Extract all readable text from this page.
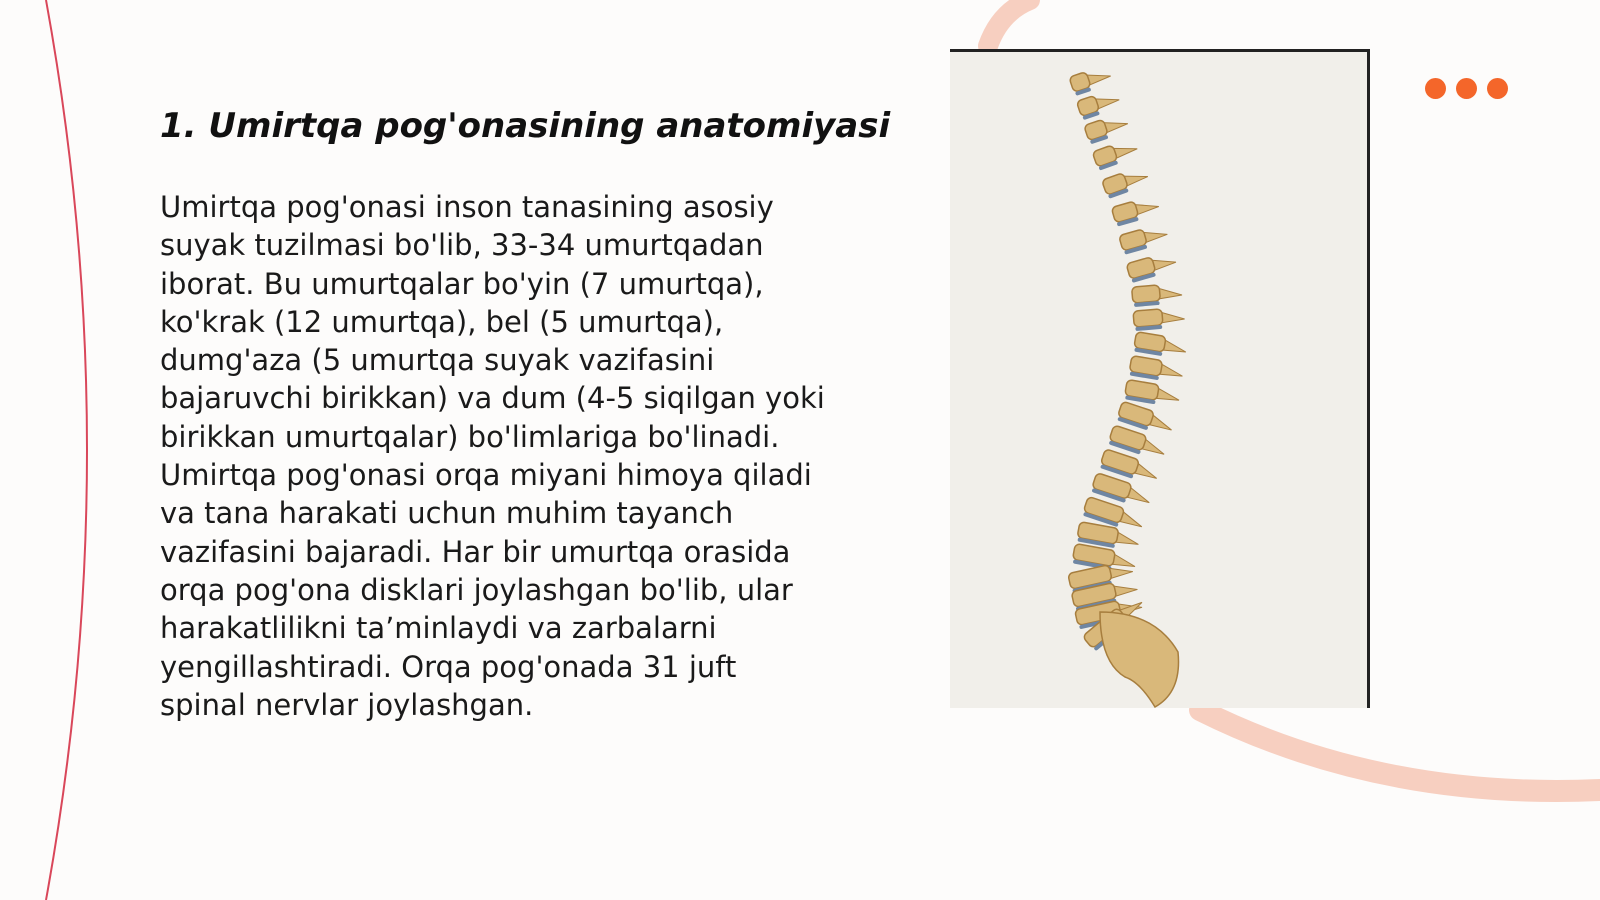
1. Umirtqa pog'onasining anatomiyasi

Umirtqa pog'onasi inson tanasining asosiy
suyak tuzilmasi bo'lib, 33-34 umurtqadan
iborat. Bu umurtqalar bo'yin (7 umurtqa),
ko'krak (12 umurtqa), bel (5 umurtqa),
dumg'aza (5 umurtqa suyak vazifasini
bajaruvchi birikkan) va dum (4-5 siqilgan yoki
birikkan umurtqalar) bo'limlariga bo'linadi.
Umirtqa pog'onasi orqa miyani himoya qiladi
va tana harakati uchun muhim tayanch
vazifasini bajaradi. Har bir umurtqa orasida
orqa pog'ona disklari joylashgan bo'lib, ular
harakatlilikni ta’minlaydi va zarbalarni
yengillashtiradi. Orqa pog'onada 31 juft
spinal nervlar joylashgan.
